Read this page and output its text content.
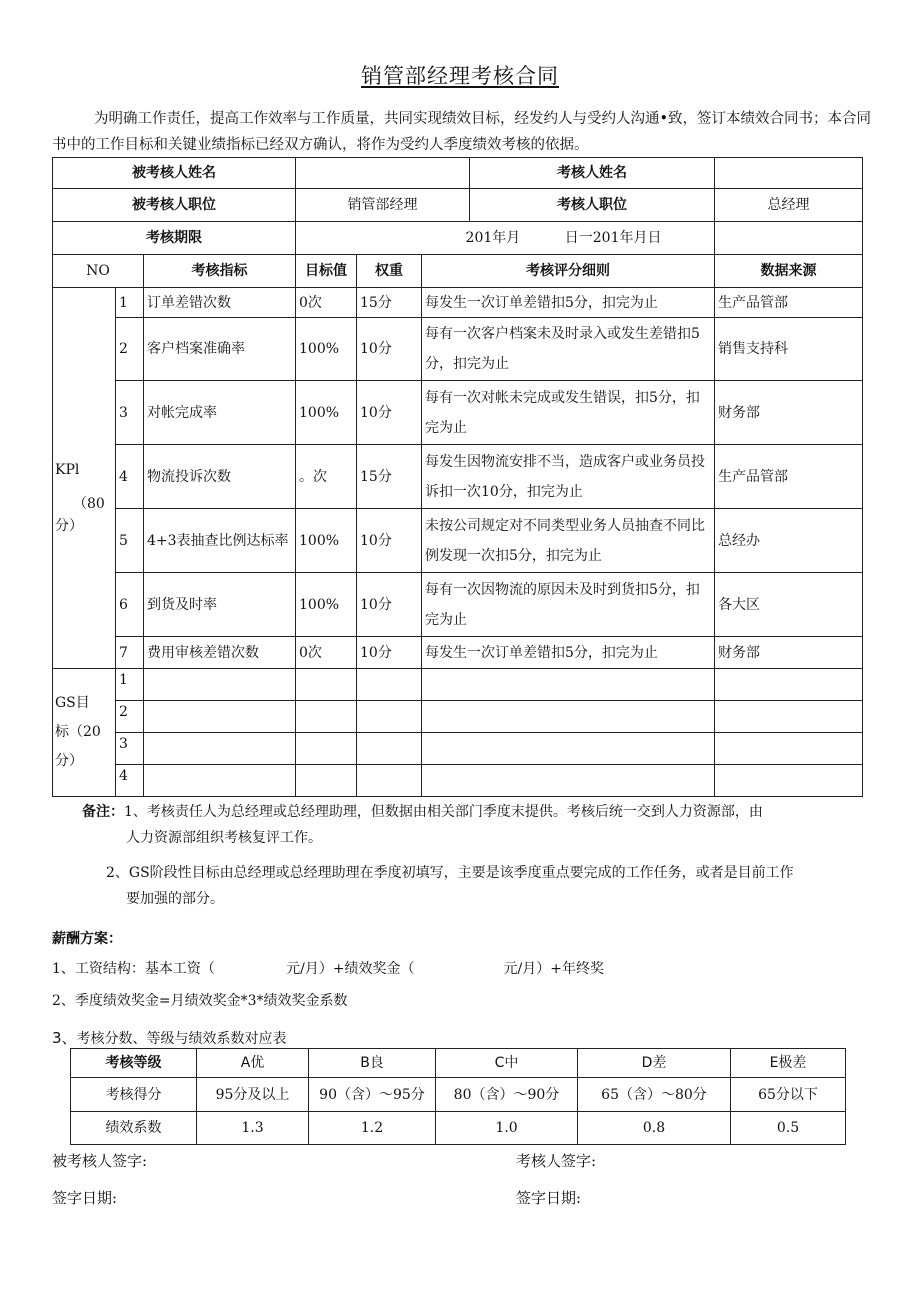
销管部经理考核合同
为明确工作责任，提高工作效率与工作质量，共同实现绩效目标，经发约人与受约人沟通•致，签订本绩效合同书；本合同书中的工作目标和关键业绩指标已经双方确认，将作为受约人季度绩效考核的依据。
被考核人姓名						考核人姓名	
被考核人职位			销管部经理			考核人职位	总经理
考核期限			201年月          日一201年月日				
NO		考核指标	目标值	权重	考核评分细则		数据来源

KPl
（80
分）	1	订单差错次数	0次	15分	每发生一次订单差错扣5分，扣完为止		生产品管部
	2	客户档案准确率	100%	10分	每有一次客户档案未及时录入或发生差错扣5分，扣完为止		销售支持科
	3	对帐完成率	100%	10分	每有一次对帐未完成或发生错误，扣5分，扣完为止		财务部
	4	物流投诉次数	。次	15分	每发生因物流安排不当，造成客户或业务员投诉扣一次10分，扣完为止		生产品管部
	5	4+3表抽查比例达标率	100%	10分	未按公司规定对不同类型业务人员抽查不同比例发现一次扣5分，扣完为止		总经办
	6	到货及时率	100%	10分	每有一次因物流的原因未及时到货扣5分，扣完为止		各大区
	7	费用审核差错次数	0次	10分	每发生一次订单差错扣5分，扣完为止		财务部

GS目
标（20
分）	1						
	2						
	3						
	4						
备注：1、考核责任人为总经理或总经理助理，但数据由相关部门季度末提供。考核后统一交到人力资源部，由
人力资源部组织考核复评工作。
2、GS阶段性目标由总经理或总经理助理在季度初填写，主要是该季度重点要完成的工作任务，或者是目前工作
要加强的部分。
薪酬方案：
1、工资结构：基本工资（                元/月）+绩效奖金（                    元/月）+年终奖
2、季度绩效奖金=月绩效奖金*3*绩效奖金系数
3、考核分数、等级与绩效系数对应表
考核等级	A优	B良	C中	D差	E极差
考核得分	95分及以上	90（含）～95分	80（含）～90分	65（含）～80分	65分以下
绩效系数	1.3	1.2	1.0	0.8	0.5
被考核人签字:	考核人签字:
签字日期:	签字日期:
